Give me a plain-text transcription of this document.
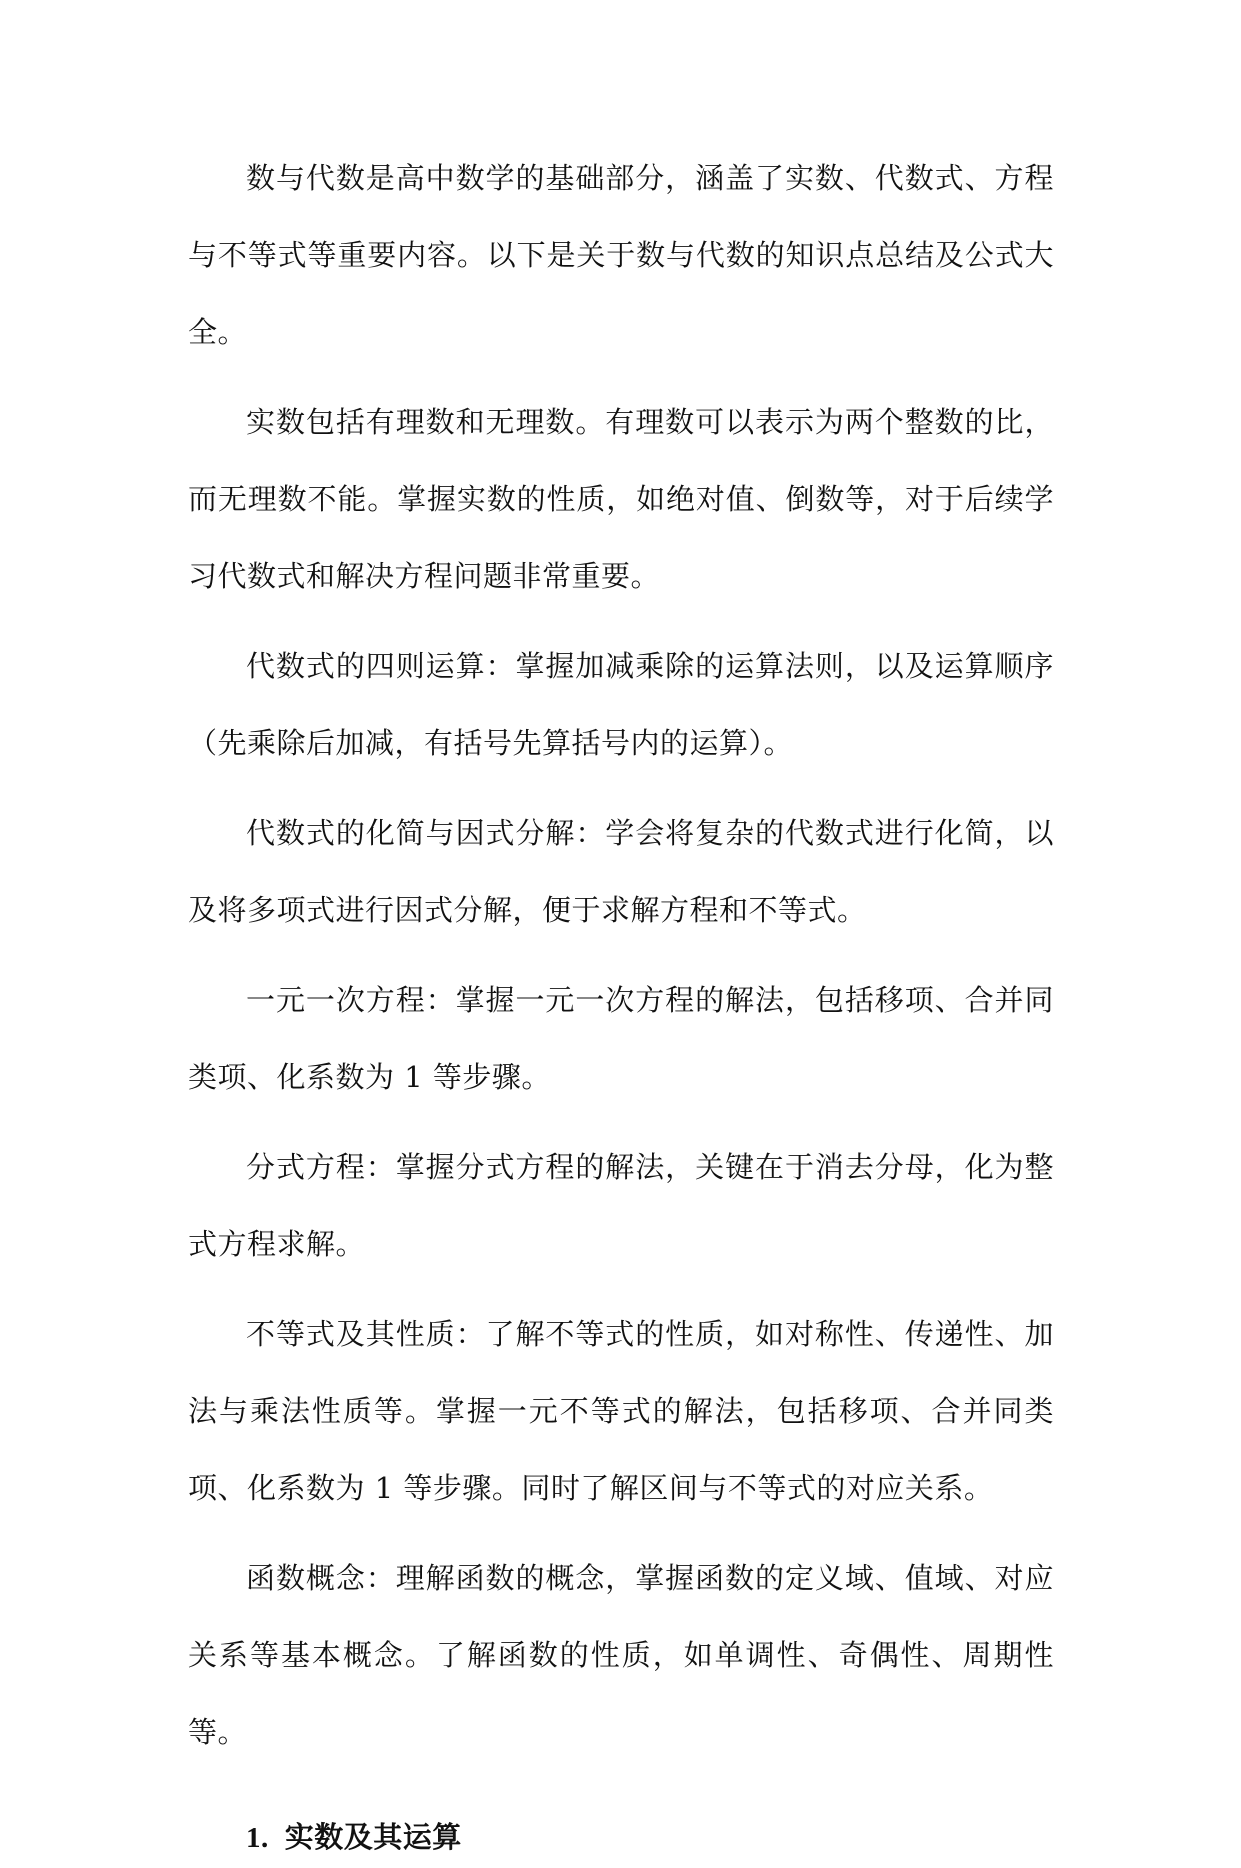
数与代数是高中数学的基础部分，涵盖了实数、代数式、方程与不等式等重要内容。以下是关于数与代数的知识点总结及公式大全。

实数包括有理数和无理数。有理数可以表示为两个整数的比，而无理数不能。掌握实数的性质，如绝对值、倒数等，对于后续学习代数式和解决方程问题非常重要。

代数式的四则运算：掌握加减乘除的运算法则，以及运算顺序（先乘除后加减，有括号先算括号内的运算）。

代数式的化简与因式分解：学会将复杂的代数式进行化简，以及将多项式进行因式分解，便于求解方程和不等式。

一元一次方程：掌握一元一次方程的解法，包括移项、合并同类项、化系数为 1 等步骤。

分式方程：掌握分式方程的解法，关键在于消去分母，化为整式方程求解。

不等式及其性质：了解不等式的性质，如对称性、传递性、加法与乘法性质等。掌握一元不等式的解法，包括移项、合并同类项、化系数为 1 等步骤。同时了解区间与不等式的对应关系。

函数概念：理解函数的概念，掌握函数的定义域、值域、对应关系等基本概念。了解函数的性质，如单调性、奇偶性、周期性等。

1. 实数及其运算
